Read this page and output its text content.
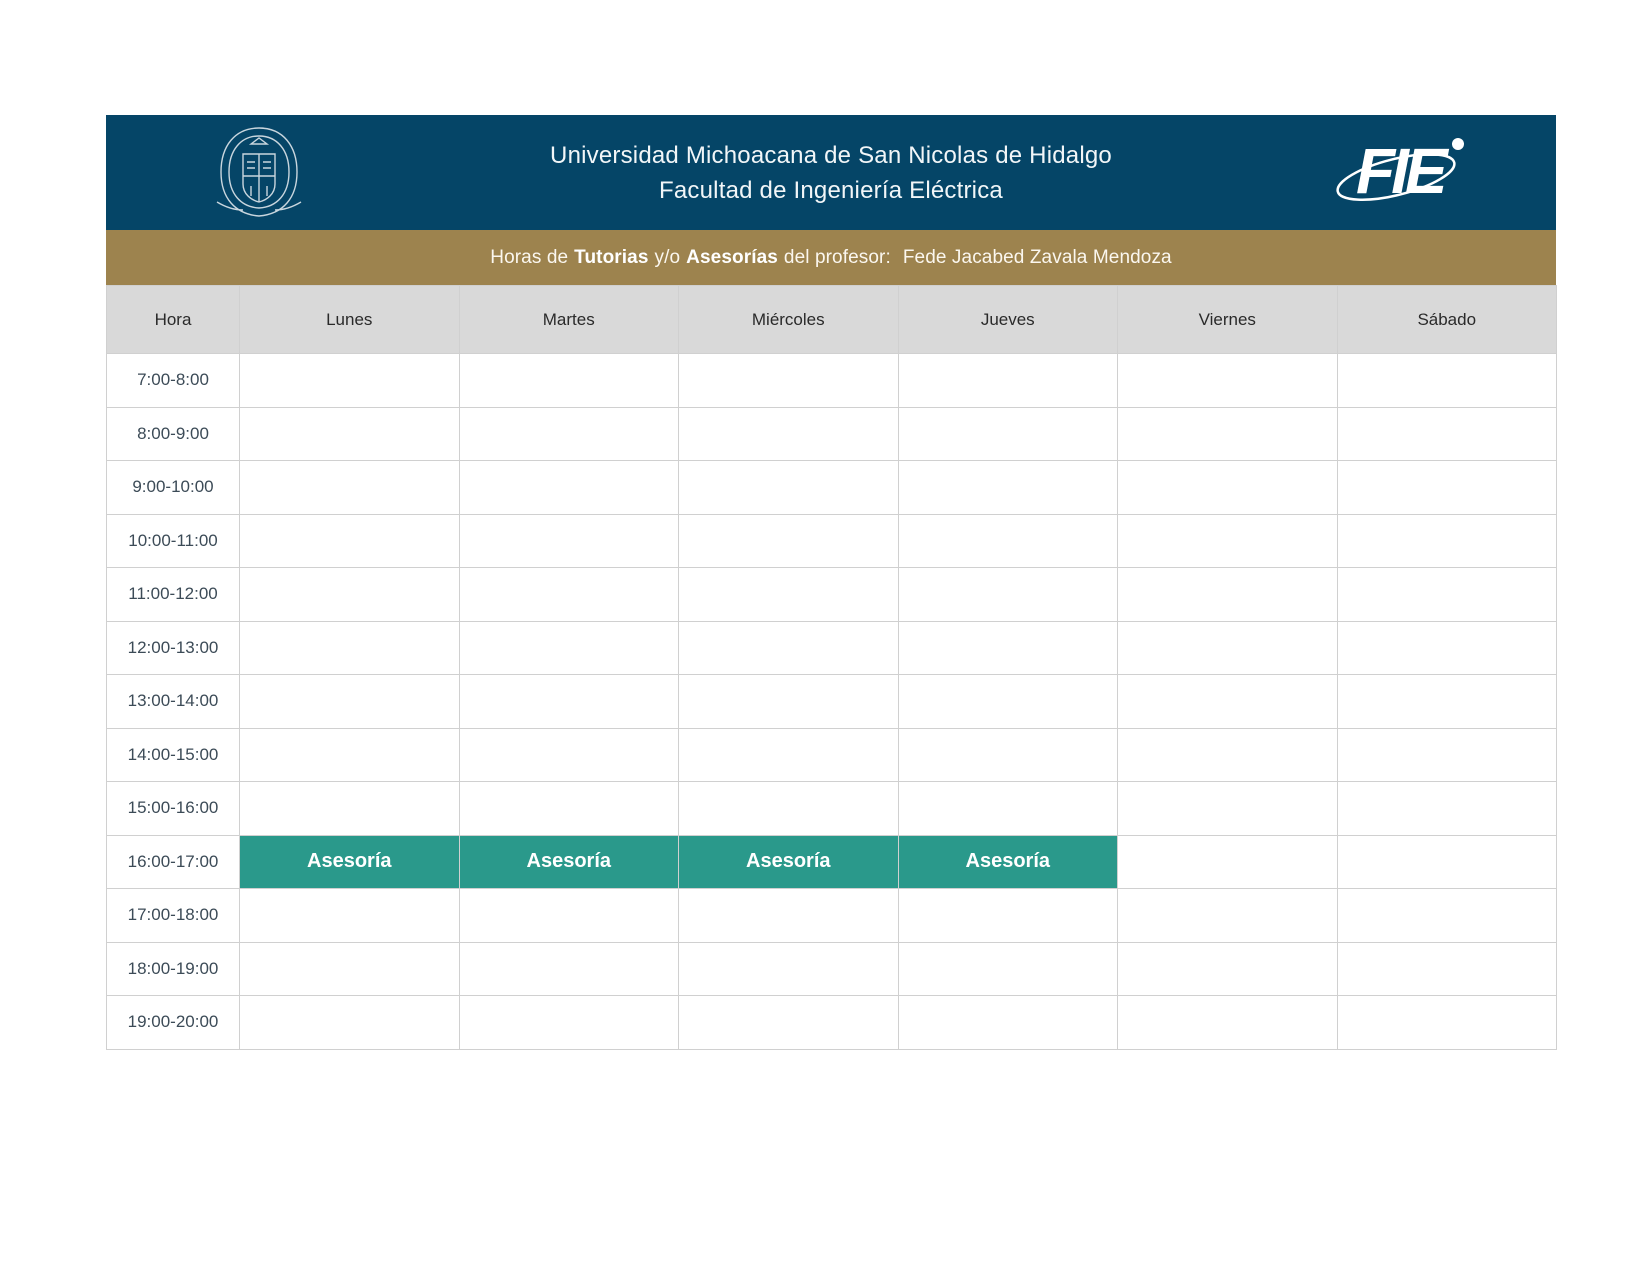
Universidad Michoacana de San Nicolas de Hidalgo
Facultad de Ingeniería Eléctrica	FIE
Horas de Tutorias y/o Asesorías del profesor: Fede Jacabed Zavala Mendoza
Hora	Lunes	Martes	Miércoles	Jueves	Viernes	Sábado
7:00-8:00						
8:00-9:00						
9:00-10:00						
10:00-11:00						
11:00-12:00						
12:00-13:00						
13:00-14:00						
14:00-15:00						
15:00-16:00						
16:00-17:00	Asesoría	Asesoría	Asesoría	Asesoría		
17:00-18:00						
18:00-19:00						
19:00-20:00						
